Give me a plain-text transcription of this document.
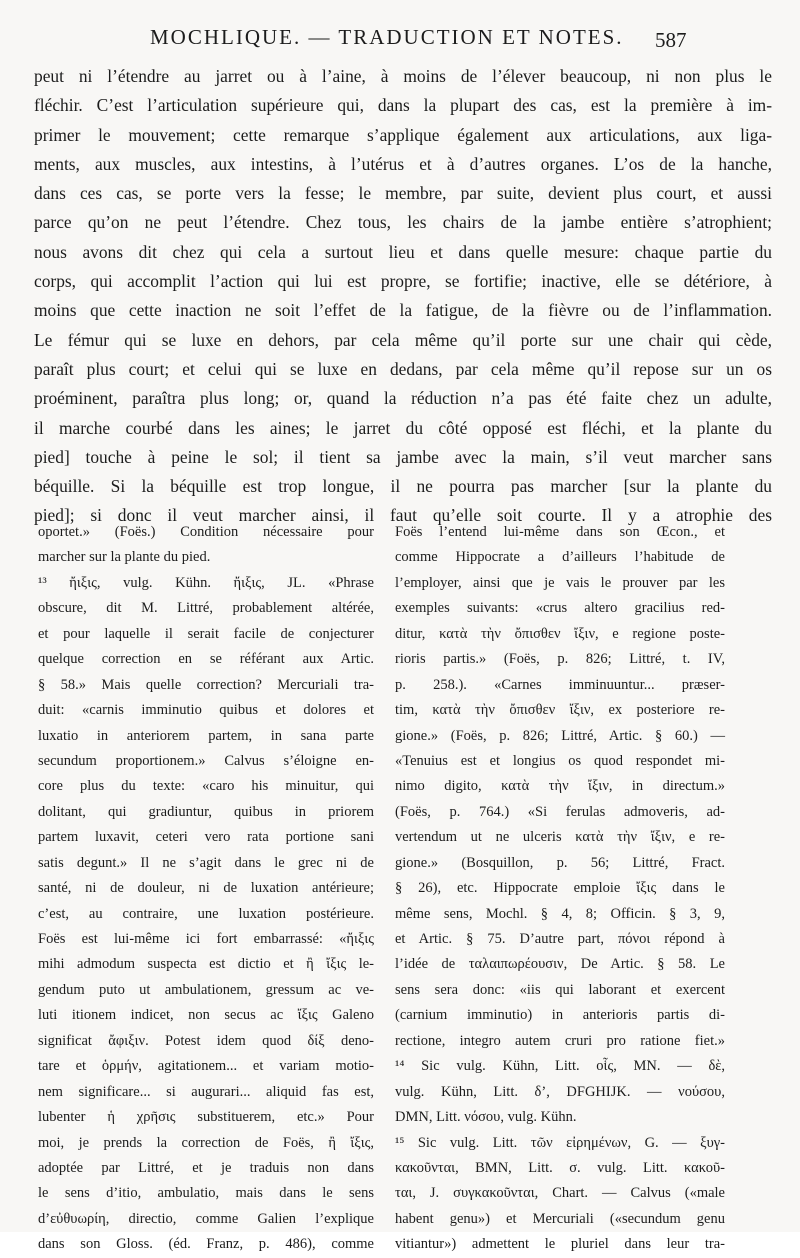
MOCHLIQUE. — TRADUCTION ET NOTES. 587
peut ni l’étendre au jarret ou à l’aine, à moins de l’élever beaucoup, ni non plus le
fléchir. C’est l’articulation supérieure qui, dans la plupart des cas, est la première à im-
primer le mouvement; cette remarque s’applique également aux articulations, aux liga-
ments, aux muscles, aux intestins, à l’utérus et à d’autres organes. L’os de la hanche,
dans ces cas, se porte vers la fesse; le membre, par suite, devient plus court, et aussi
parce qu’on ne peut l’étendre. Chez tous, les chairs de la jambe entière s’atrophient;
nous avons dit chez qui cela a surtout lieu et dans quelle mesure: chaque partie du
corps, qui accomplit l’action qui lui est propre, se fortifie; inactive, elle se détériore, à
moins que cette inaction ne soit l’effet de la fatigue, de la fièvre ou de l’inflammation.
Le fémur qui se luxe en dehors, par cela même qu’il porte sur une chair qui cède,
paraît plus court; et celui qui se luxe en dedans, par cela même qu’il repose sur un os
proéminent, paraîtra plus long; or, quand la réduction n’a pas été faite chez un adulte,
il marche courbé dans les aines; le jarret du côté opposé est fléchi, et la plante du
pied] touche à peine le sol; il tient sa jambe avec la main, s’il veut marcher sans
béquille. Si la béquille est trop longue, il ne pourra pas marcher [sur la plante du
pied]; si donc il veut marcher ainsi, il faut qu’elle soit courte. Il y a atrophie des
oportet.» (Foës.) Condition nécessaire pour
marcher sur la plante du pied.
¹³ ἤιξις, vulg. Kühn. ἤιξις, JL. «Phrase
obscure, dit M. Littré, probablement altérée,
et pour laquelle il serait facile de conjecturer
quelque correction en se référant aux Artic.
§ 58.» Mais quelle correction? Mercuriali tra-
duit: «carnis imminutio quibus et dolores et
luxatio in anteriorem partem, in sana parte
secundum proportionem.» Calvus s’éloigne en-
core plus du texte: «caro his minuitur, qui
dolitant, qui gradiuntur, quibus in priorem
partem luxavit, ceteri vero rata portione sani
satis degunt.» Il ne s’agit dans le grec ni de
santé, ni de douleur, ni de luxation antérieure;
c’est, au contraire, une luxation postérieure.
Foës est lui-même ici fort embarrassé: «ἤιξις
mihi admodum suspecta est dictio et ἢ ἴξις le-
gendum puto ut ambulationem, gressum ac ve-
luti itionem indicet, non secus ac ἴξις Galeno
significat ἄφιξιν. Potest idem quod δίξ deno-
tare et ὁρμήν, agitationem... et variam motio-
nem significare... si augurari... aliquid fas est,
lubenter ἡ χρῆσις substituerem, etc.» Pour
moi, je prends la correction de Foës, ἢ ἴξις,
adoptée par Littré, et je traduis non dans
le sens d’itio, ambulatio, mais dans le sens
d’εὐθυωρίη, directio, comme Galien l’explique
dans son Gloss. (éd. Franz, p. 486), comme
Foës l’entend lui-même dans son Œcon., et
comme Hippocrate a d’ailleurs l’habitude de
l’employer, ainsi que je vais le prouver par les
exemples suivants: «crus altero gracilius red-
ditur, κατὰ τὴν ὄπισθεν ἴξιν, e regione poste-
rioris partis.» (Foës, p. 826; Littré, t. IV,
p. 258.). «Carnes imminuuntur... præser-
tim, κατὰ τὴν ὄπισθεν ἴξιν, ex posteriore re-
gione.» (Foës, p. 826; Littré, Artic. § 60.) —
«Tenuius est et longius os quod respondet mi-
nimo digito, κατὰ τὴν ἴξιν, in directum.»
(Foës, p. 764.) «Si ferulas admoveris, ad-
vertendum ut ne ulceris κατὰ τὴν ἴξιν, e re-
gione.» (Bosquillon, p. 56; Littré, Fract.
§ 26), etc. Hippocrate emploie ἴξις dans le
même sens, Mochl. § 4, 8; Officin. § 3, 9,
et Artic. § 75. D’autre part, πόνοι répond à
l’idée de ταλαιπωρέουσιν, De Artic. § 58. Le
sens sera donc: «iis qui laborant et exercent
(carnium imminutio) in anterioris partis di-
rectione, integro autem cruri pro ratione fiet.»
¹⁴ Sic vulg. Kühn, Litt. οἷς, MN. — δὲ,
vulg. Kühn, Litt. δ’, DFGHIJK. — νούσου,
DMN, Litt. νόσου, vulg. Kühn.
¹⁵ Sic vulg. Litt. τῶν εἰρημένων, G. — ξυγ-
κακοῦνται, BMN, Litt. σ. vulg. Litt. κακοῦ-
ται, J. συγκακοῦνται, Chart. — Calvus («male
habent genu») et Mercuriali («secundum genu
vitiantur») admettent le pluriel dans leur tra-
